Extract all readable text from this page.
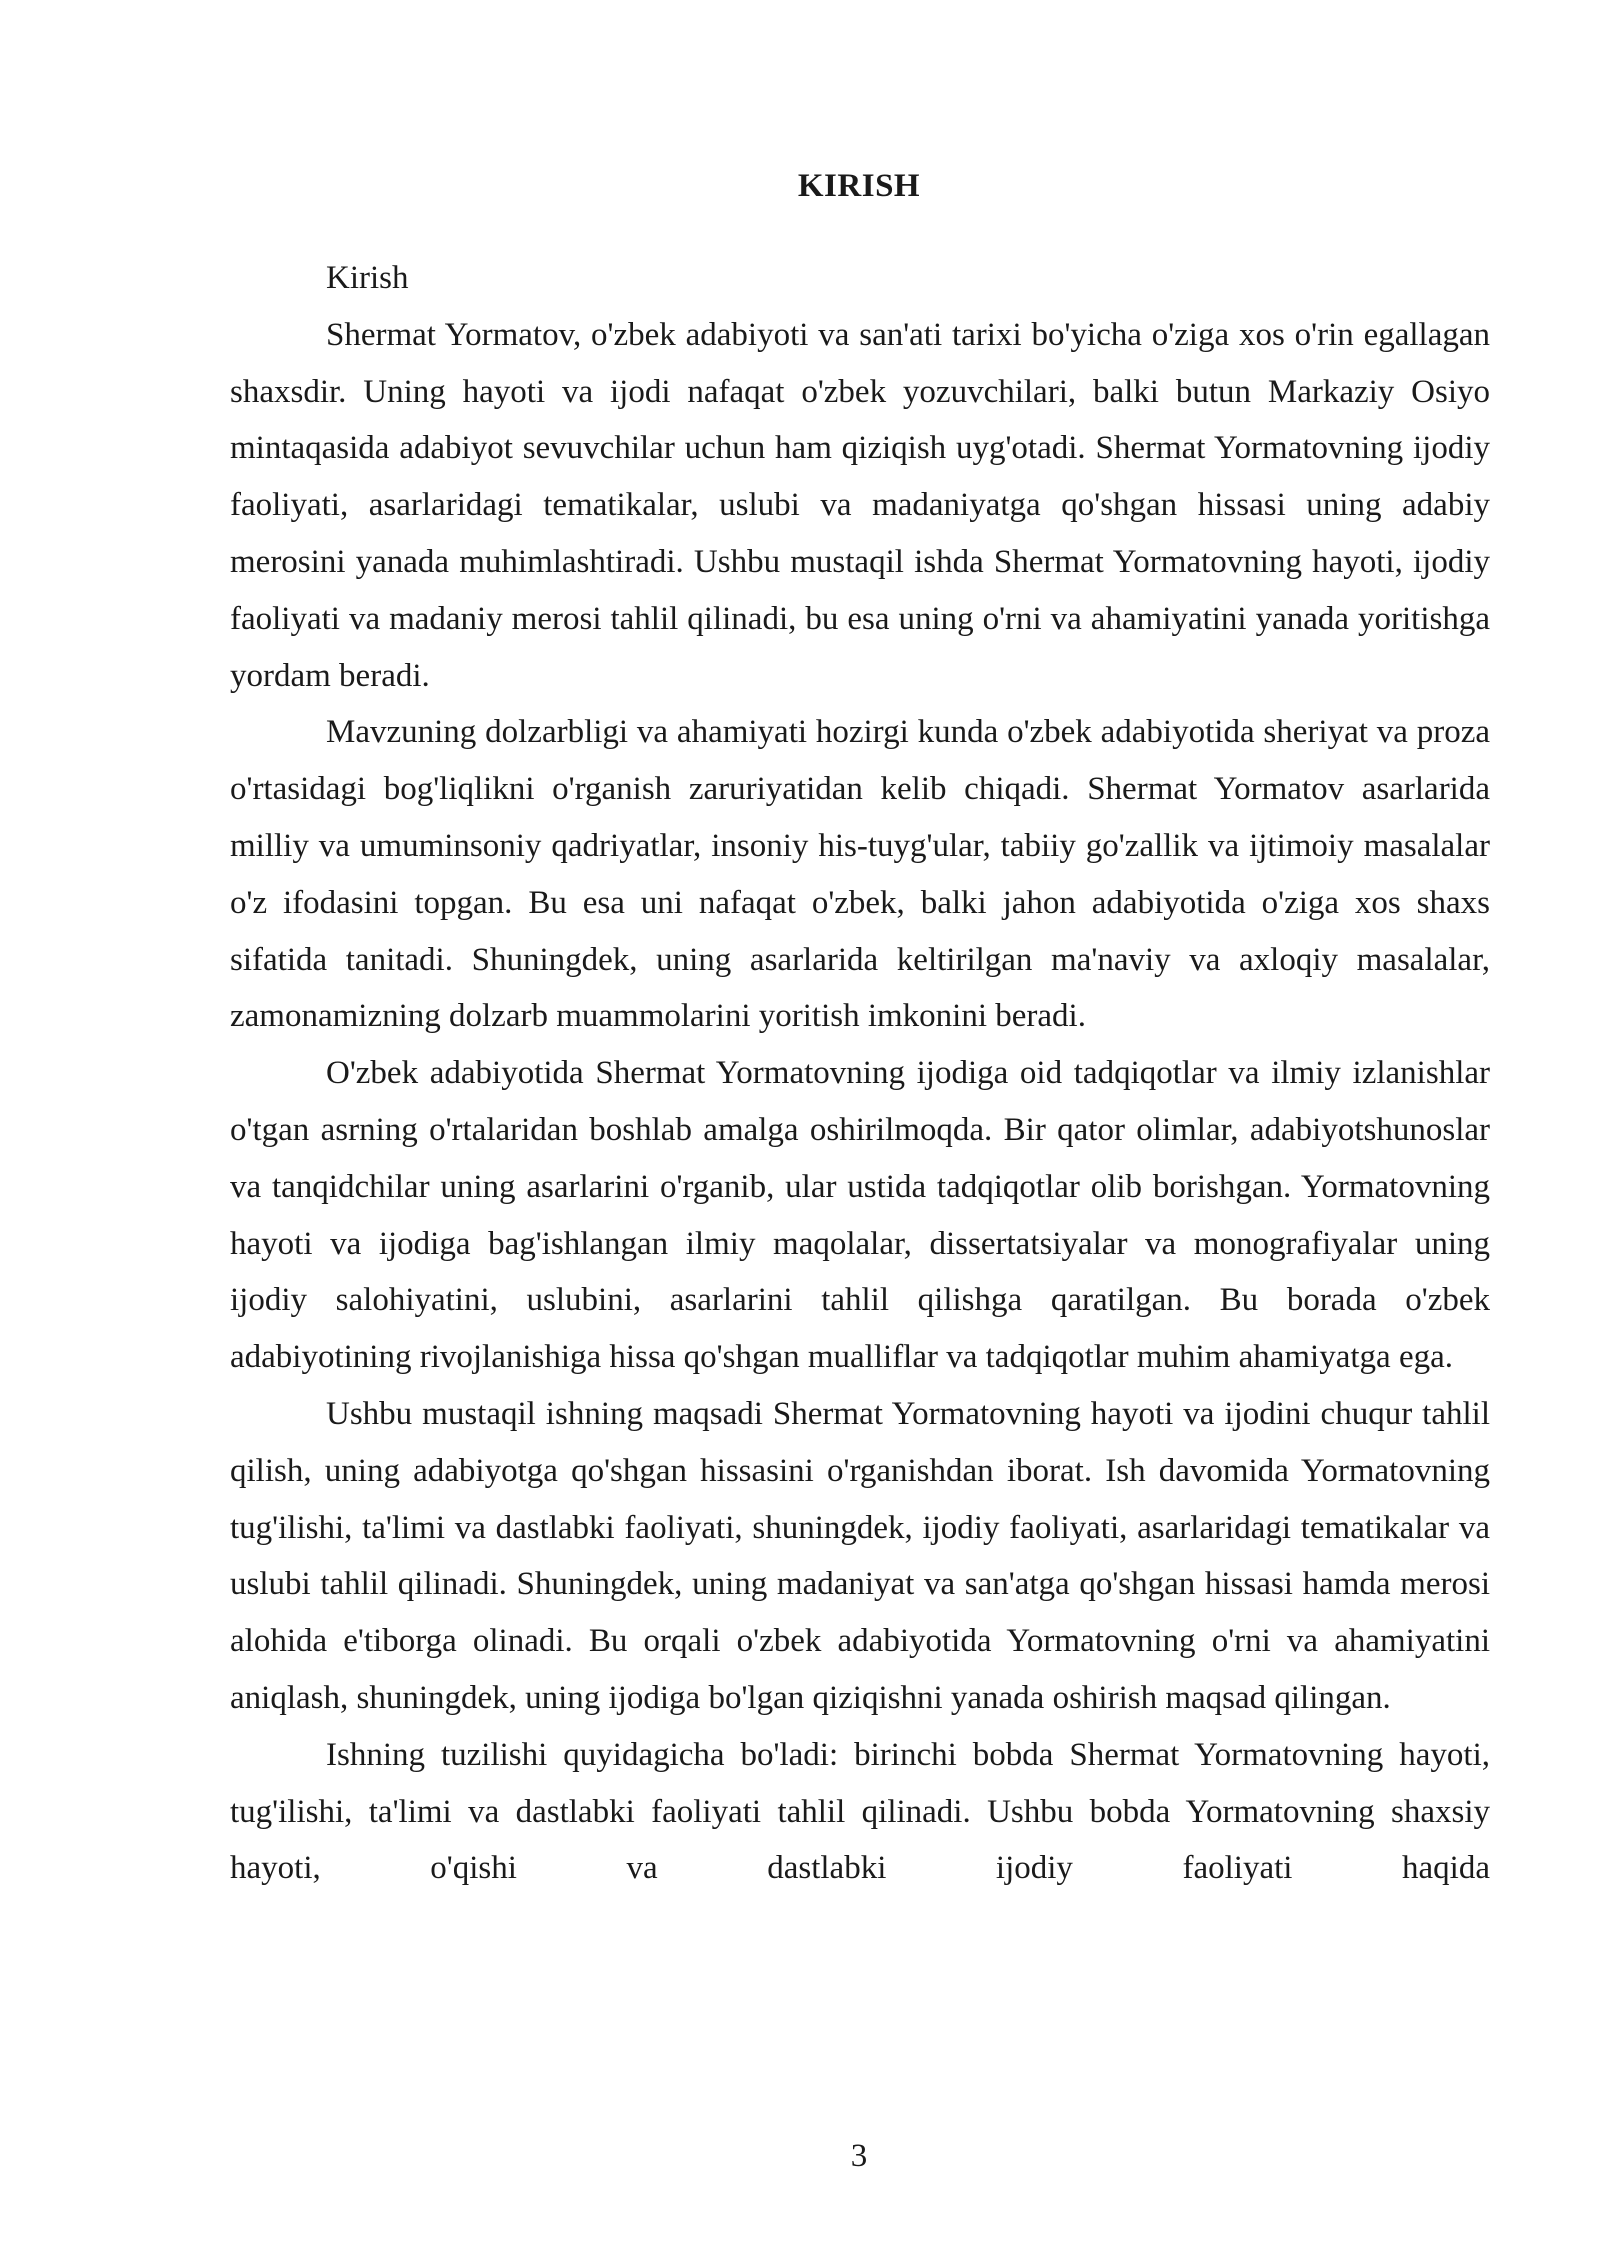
KIRISH

Kirish

Shermat Yormatov, o'zbek adabiyoti va san'ati tarixi bo'yicha o'ziga xos o'rin egallagan shaxsdir. Uning hayoti va ijodi nafaqat o'zbek yozuvchilari, balki butun Markaziy Osiyo mintaqasida adabiyot sevuvchilar uchun ham qiziqish uyg'otadi. Shermat Yormatovning ijodiy faoliyati, asarlaridagi tematikalar, uslubi va madaniyatga qo'shgan hissasi uning adabiy merosini yanada muhimlashtiradi. Ushbu mustaqil ishda Shermat Yormatovning hayoti, ijodiy faoliyati va madaniy merosi tahlil qilinadi, bu esa uning o'rni va ahamiyatini yanada yoritishga yordam beradi.

Mavzuning dolzarbligi va ahamiyati hozirgi kunda o'zbek adabiyotida sheriyat va proza o'rtasidagi bog'liqlikni o'rganish zaruriyatidan kelib chiqadi. Shermat Yormatov asarlarida milliy va umuminsoniy qadriyatlar, insoniy his-tuyg'ular, tabiiy go'zallik va ijtimoiy masalalar o'z ifodasini topgan. Bu esa uni nafaqat o'zbek, balki jahon adabiyotida o'ziga xos shaxs sifatida tanitadi. Shuningdek, uning asarlarida keltirilgan ma'naviy va axloqiy masalalar, zamonamizning dolzarb muammolarini yoritish imkonini beradi.

O'zbek adabiyotida Shermat Yormatovning ijodiga oid tadqiqotlar va ilmiy izlanishlar o'tgan asrning o'rtalaridan boshlab amalga oshirilmoqda. Bir qator olimlar, adabiyotshunoslar va tanqidchilar uning asarlarini o'rganib, ular ustida tadqiqotlar olib borishgan. Yormatovning hayoti va ijodiga bag'ishlangan ilmiy maqolalar, dissertatsiyalar va monografiyalar uning ijodiy salohiyatini, uslubini, asarlarini tahlil qilishga qaratilgan. Bu borada o'zbek adabiyotining rivojlanishiga hissa qo'shgan mualliflar va tadqiqotlar muhim ahamiyatga ega.

Ushbu mustaqil ishning maqsadi Shermat Yormatovning hayoti va ijodini chuqur tahlil qilish, uning adabiyotga qo'shgan hissasini o'rganishdan iborat. Ish davomida Yormatovning tug'ilishi, ta'limi va dastlabki faoliyati, shuningdek, ijodiy faoliyati, asarlaridagi tematikalar va uslubi tahlil qilinadi. Shuningdek, uning madaniyat va san'atga qo'shgan hissasi hamda merosi alohida e'tiborga olinadi. Bu orqali o'zbek adabiyotida Yormatovning o'rni va ahamiyatini aniqlash, shuningdek, uning ijodiga bo'lgan qiziqishni yanada oshirish maqsad qilingan.

Ishning tuzilishi quyidagicha bo'ladi: birinchi bobda Shermat Yormatovning hayoti, tug'ilishi, ta'limi va dastlabki faoliyati tahlil qilinadi. Ushbu bobda Yormatovning shaxsiy hayoti, o'qishi va dastlabki ijodiy faoliyati haqida

3
